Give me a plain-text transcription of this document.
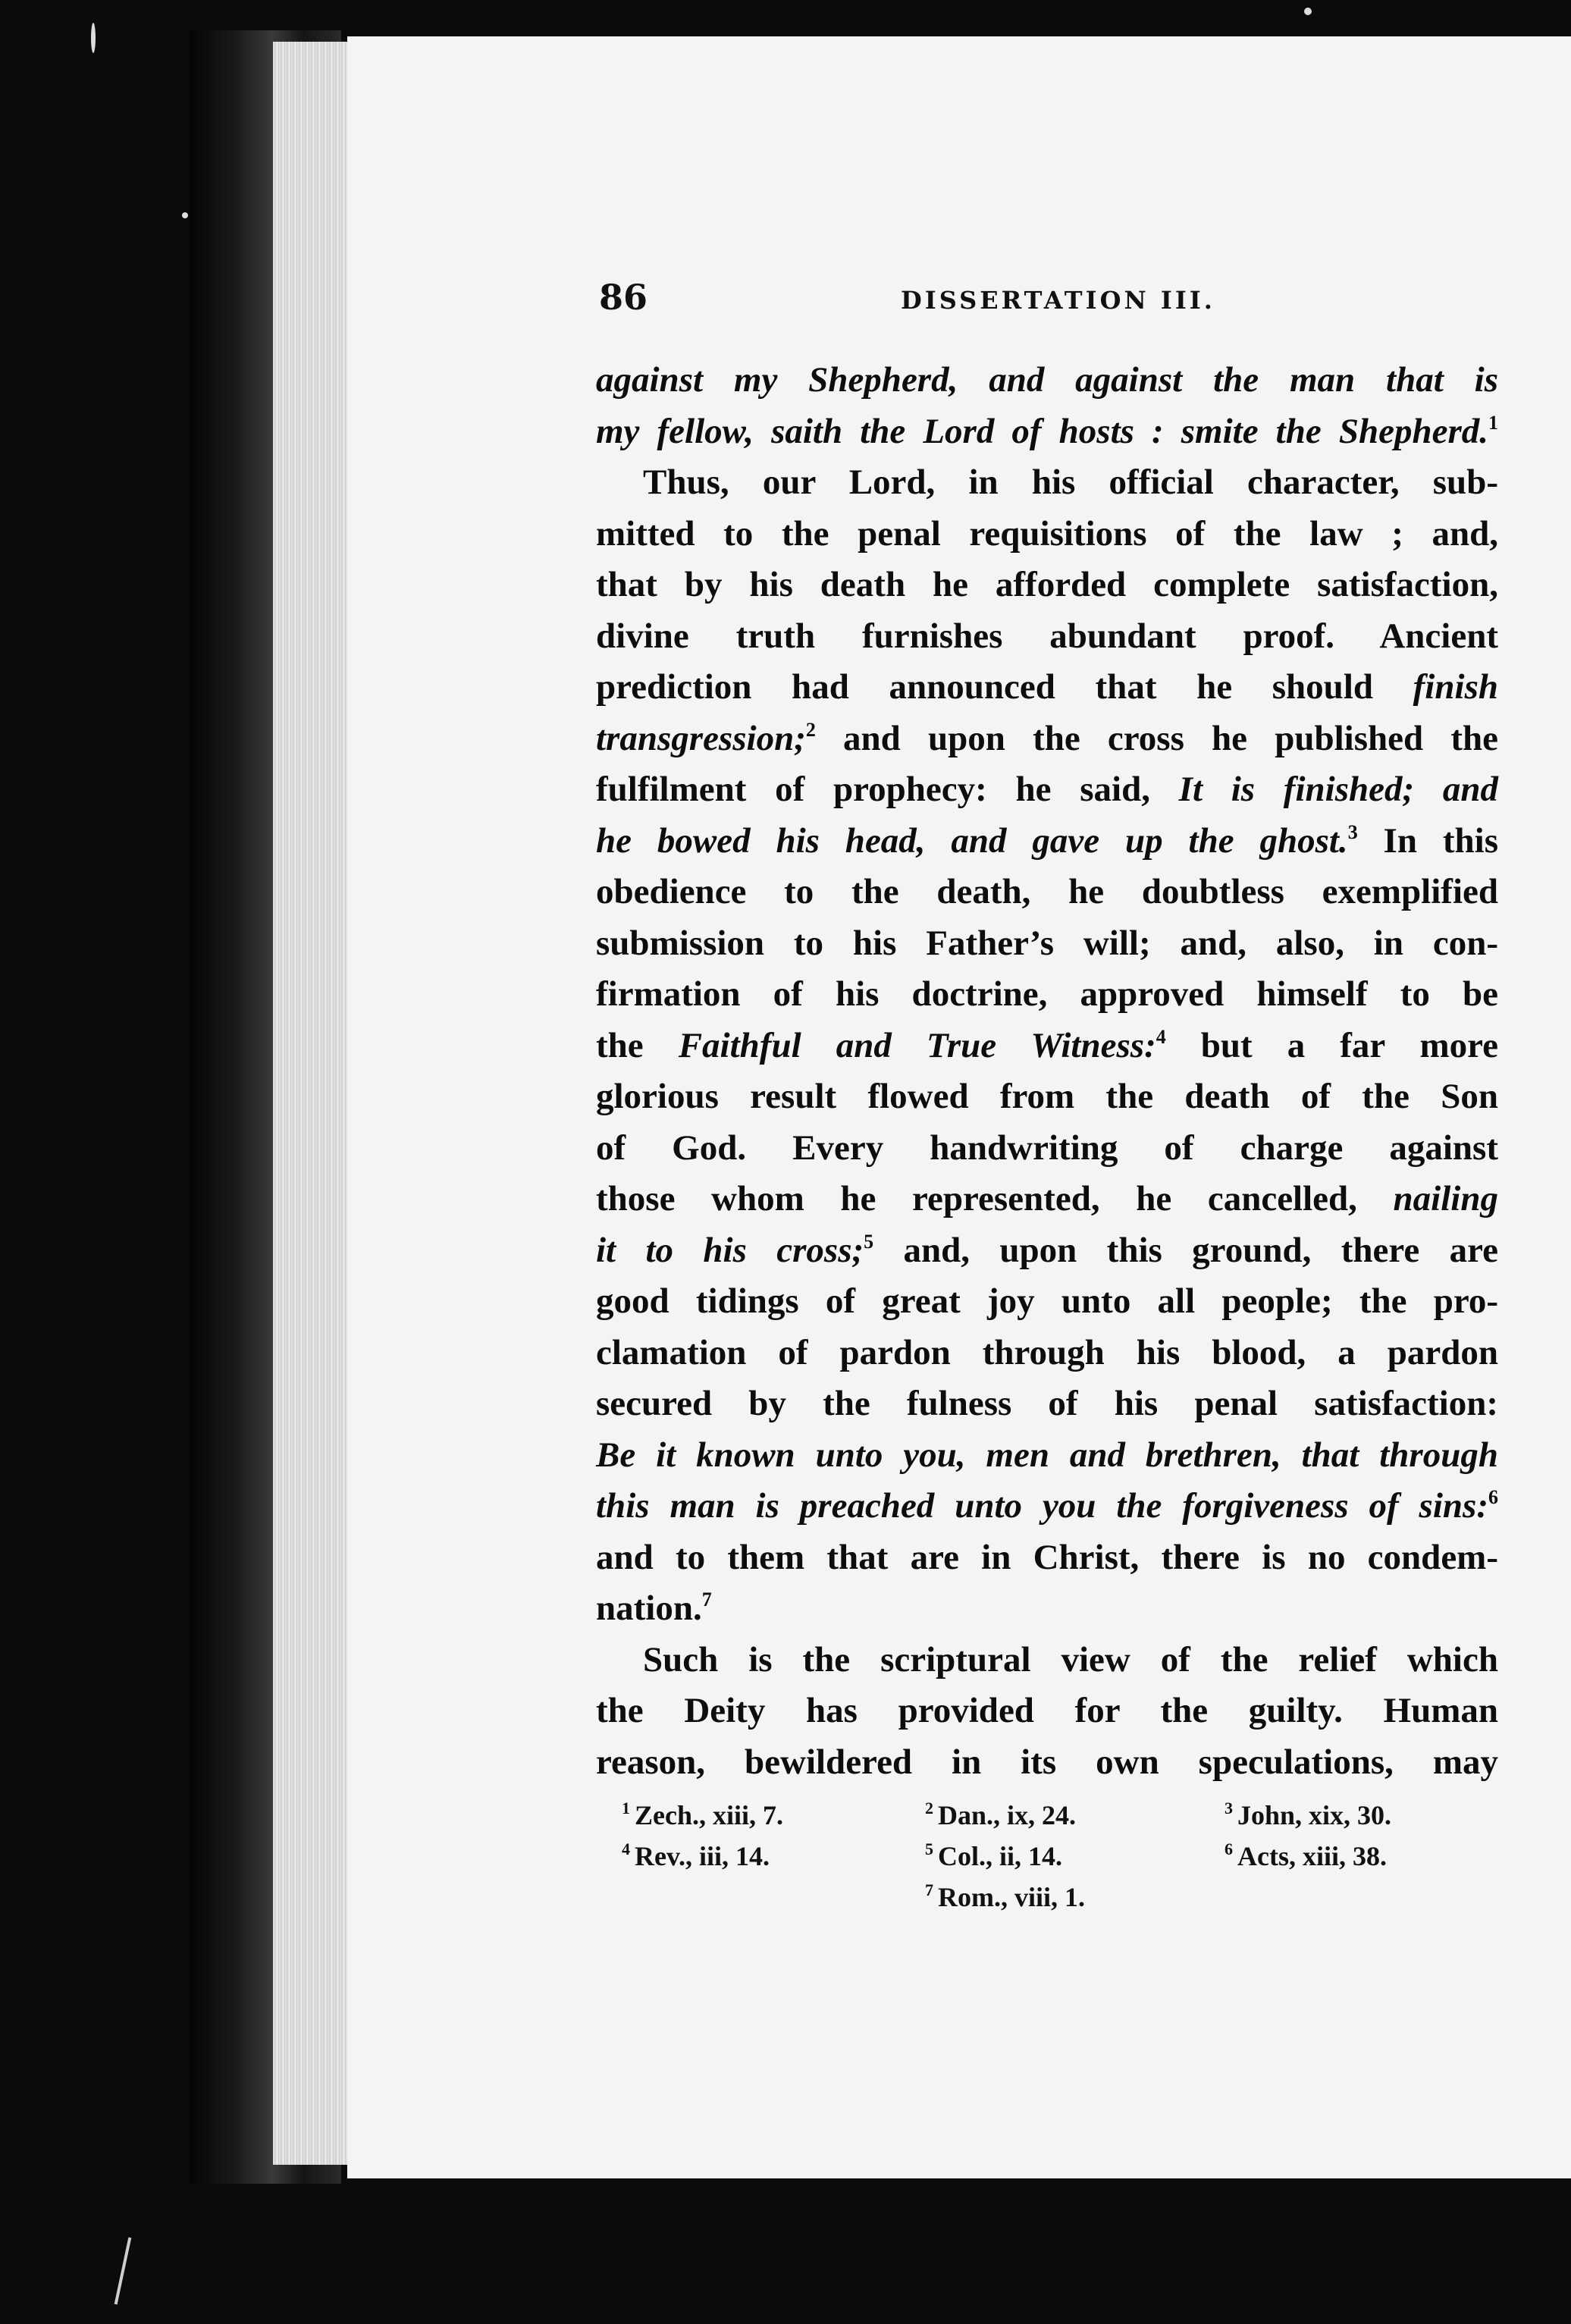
86	DISSERTATION III.
against my Shepherd, and against the man that is
my fellow, saith the Lord of hosts : smite the Shepherd.$^1$
Thus, our Lord, in his official character, sub-
mitted to the penal requisitions of the law ; and,
that by his death he afforded complete satisfaction,
divine truth furnishes abundant proof. Ancient
prediction had announced that he should finish
transgression;$^2$ and upon the cross he published the
fulfilment of prophecy: he said, It is finished; and
he bowed his head, and gave up the ghost.$^3$ In this
obedience to the death, he doubtless exemplified
submission to his Father’s will; and, also, in con-
firmation of his doctrine, approved himself to be
the Faithful and True Witness:$^4$ but a far more
glorious result flowed from the death of the Son
of God. Every handwriting of charge against
those whom he represented, he cancelled, nailing
it to his cross;$^5$ and, upon this ground, there are
good tidings of great joy unto all people; the pro-
clamation of pardon through his blood, a pardon
secured by the fulness of his penal satisfaction:
Be it known unto you, men and brethren, that through
this man is preached unto you the forgiveness of sins:$^6$
and to them that are in Christ, there is no condem-
nation.$^7$
Such is the scriptural view of the relief which
the Deity has provided for the guilty. Human
reason, bewildered in its own speculations, may
$^1$ Zech., xiii, 7.	$^2$ Dan., ix, 24.	$^3$ John, xix, 30.
$^4$ Rev., iii, 14.	$^5$ Col., ii, 14.	$^6$ Acts, xiii, 38.
$^7$ Rom., viii, 1.
